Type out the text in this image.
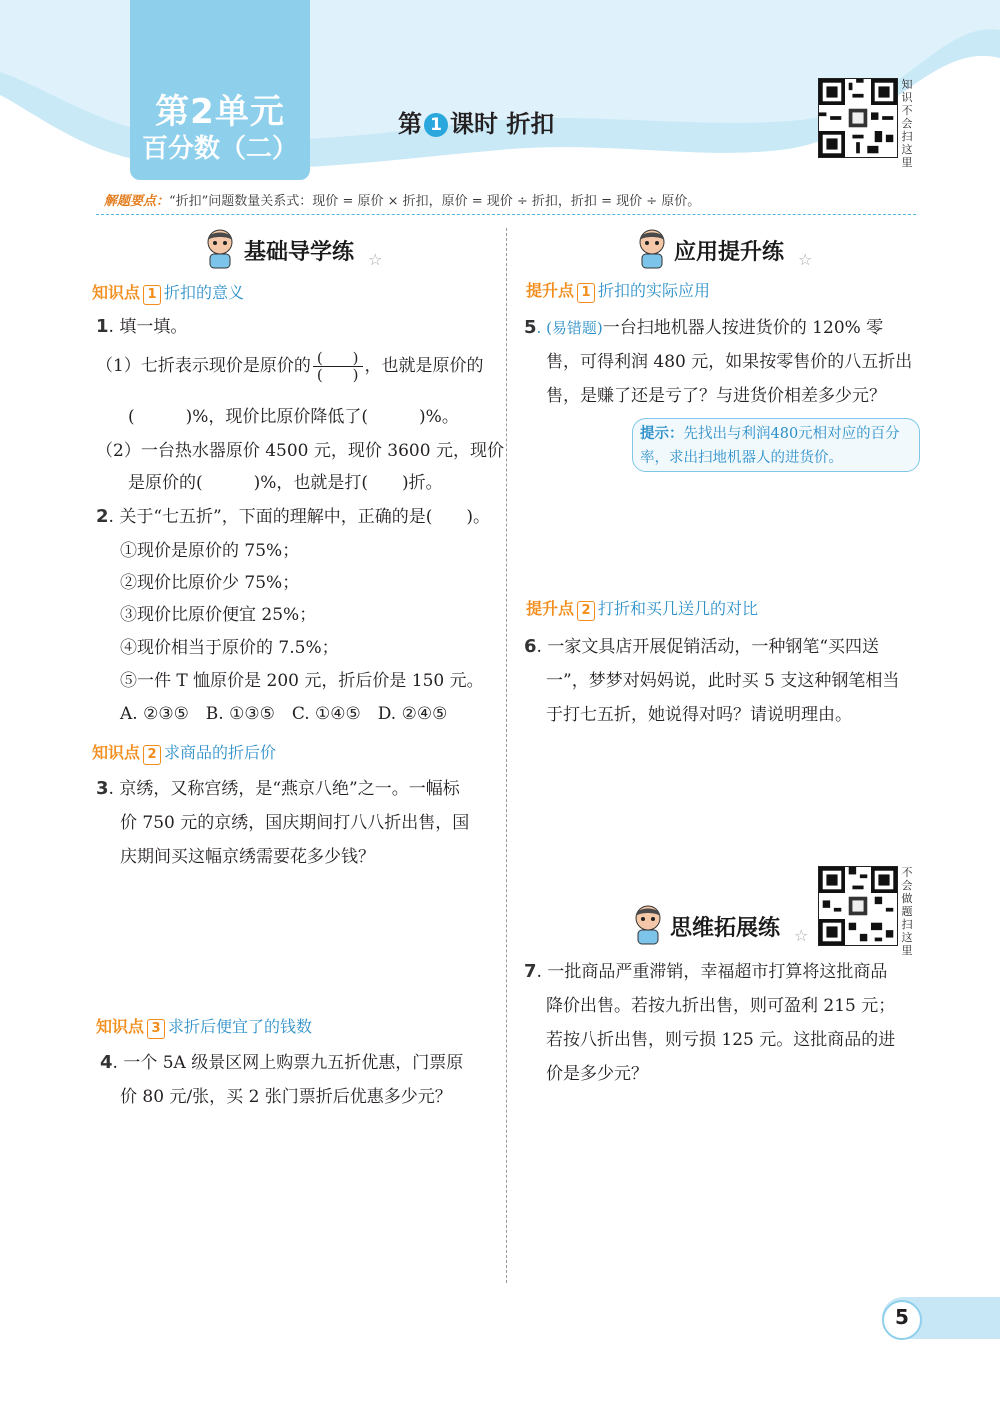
第2单元
百分数（二）
第 1 课时 折扣
知识不会扫这里
解题要点：“折扣”问题数量关系式：现价 = 原价 × 折扣，原价 = 现价 ÷ 折扣，折扣 = 现价 ÷ 原价。
基础导学练 ☆
知识点 1 折扣的意义
1. 填一填。
（1）七折表示现价是原价的 $\frac{( )}{( )}$ ，也就是原价的
(　　　)%，现价比原价降低了(　　　)%。
（2）一台热水器原价 4500 元，现价 3600 元，现价
是原价的(　　　)%，也就是打(　　)折。
2. 关于“七五折”，下面的理解中，正确的是(　　)。
①现价是原价的 75%；
②现价比原价少 75%；
③现价比原价便宜 25%；
④现价相当于原价的 7.5%；
⑤一件 T 恤原价是 200 元，折后价是 150 元。
A. ②③⑤　B. ①③⑤　C. ①④⑤　D. ②④⑤
知识点 2 求商品的折后价
3. 京绣，又称宫绣，是“燕京八绝”之一。一幅标
价 750 元的京绣，国庆期间打八八折出售，国
庆期间买这幅京绣需要花多少钱？
知识点 3 求折后便宜了的钱数
4. 一个 5A 级景区网上购票九五折优惠，门票原
价 80 元/张，买 2 张门票折后优惠多少元？
应用提升练 ☆
提升点 1 折扣的实际应用
5. (易错题)一台扫地机器人按进货价的 120% 零
售，可得利润 480 元，如果按零售价的八五折出
售，是赚了还是亏了？与进货价相差多少元？
提示：先找出与利润480元相对应的百分率，求出扫地机器人的进货价。
提升点 2 打折和买几送几的对比
6. 一家文具店开展促销活动，一种钢笔“买四送
一”，梦梦对妈妈说，此时买 5 支这种钢笔相当
于打七五折，她说得对吗？请说明理由。
不会做题扫这里
思维拓展练 ☆
7. 一批商品严重滞销，幸福超市打算将这批商品
降价出售。若按九折出售，则可盈利 215 元；
若按八折出售，则亏损 125 元。这批商品的进
价是多少元？
5
